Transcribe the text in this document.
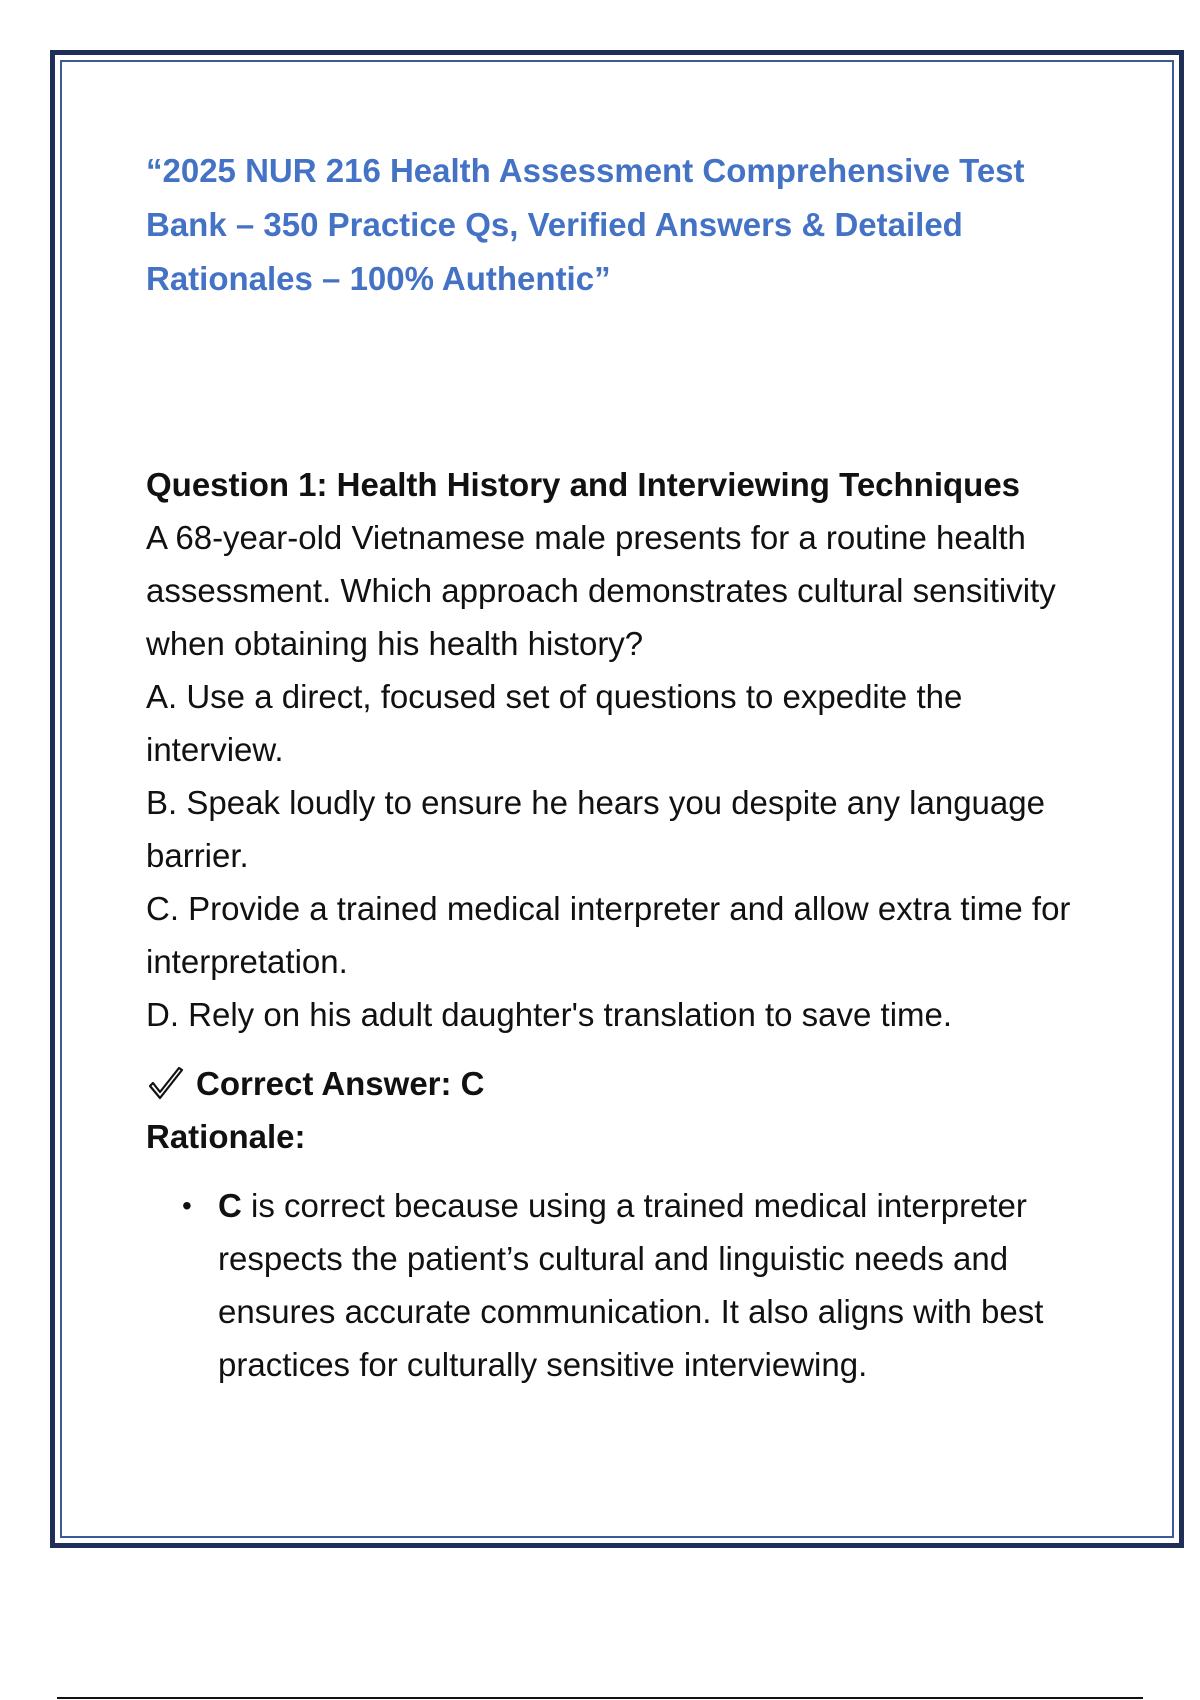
“2025 NUR 216 Health Assessment Comprehensive Test Bank – 350 Practice Qs, Verified Answers & Detailed Rationales – 100% Authentic”

Question 1: Health History and Interviewing Techniques

A 68-year-old Vietnamese male presents for a routine health assessment. Which approach demonstrates cultural sensitivity when obtaining his health history?

A. Use a direct, focused set of questions to expedite the interview.

B. Speak loudly to ensure he hears you despite any language barrier.

C. Provide a trained medical interpreter and allow extra time for interpretation.

D. Rely on his adult daughter's translation to save time.

Correct Answer: C

Rationale:

• C is correct because using a trained medical interpreter respects the patient’s cultural and linguistic needs and ensures accurate communication. It also aligns with best practices for culturally sensitive interviewing.
